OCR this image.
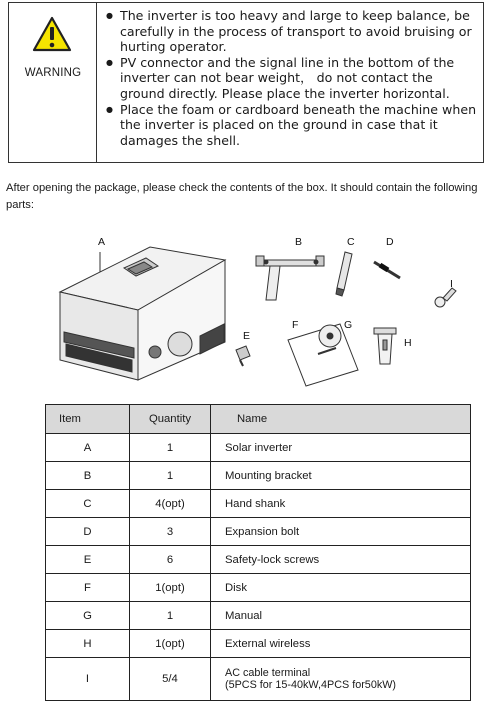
WARNING
● The inverter is too heavy and large to keep balance, be carefully in the process of transport to avoid bruising or hurting operator.
● PV connector and the signal line in the bottom of the inverter can not bear weight， do not contact the ground directly. Please place the inverter horizontal.
● Place the foam or cardboard beneath the machine when the inverter is placed on the ground in case that it damages the shell.
After opening the package, please check the contents of the box. It should contain the following parts:
A	B	C	D
I
E
F	G
H
Item	Quantity	Name
A	1	Solar inverter
B	1	Mounting bracket
C	4(opt)	Hand shank
D	3	Expansion bolt
E	6	Safety-lock screws
F	1(opt)	Disk
G	1	Manual
H	1(opt)	External wireless
I	5/4	AC cable terminal
(5PCS for 15-40kW,4PCS for50kW)
